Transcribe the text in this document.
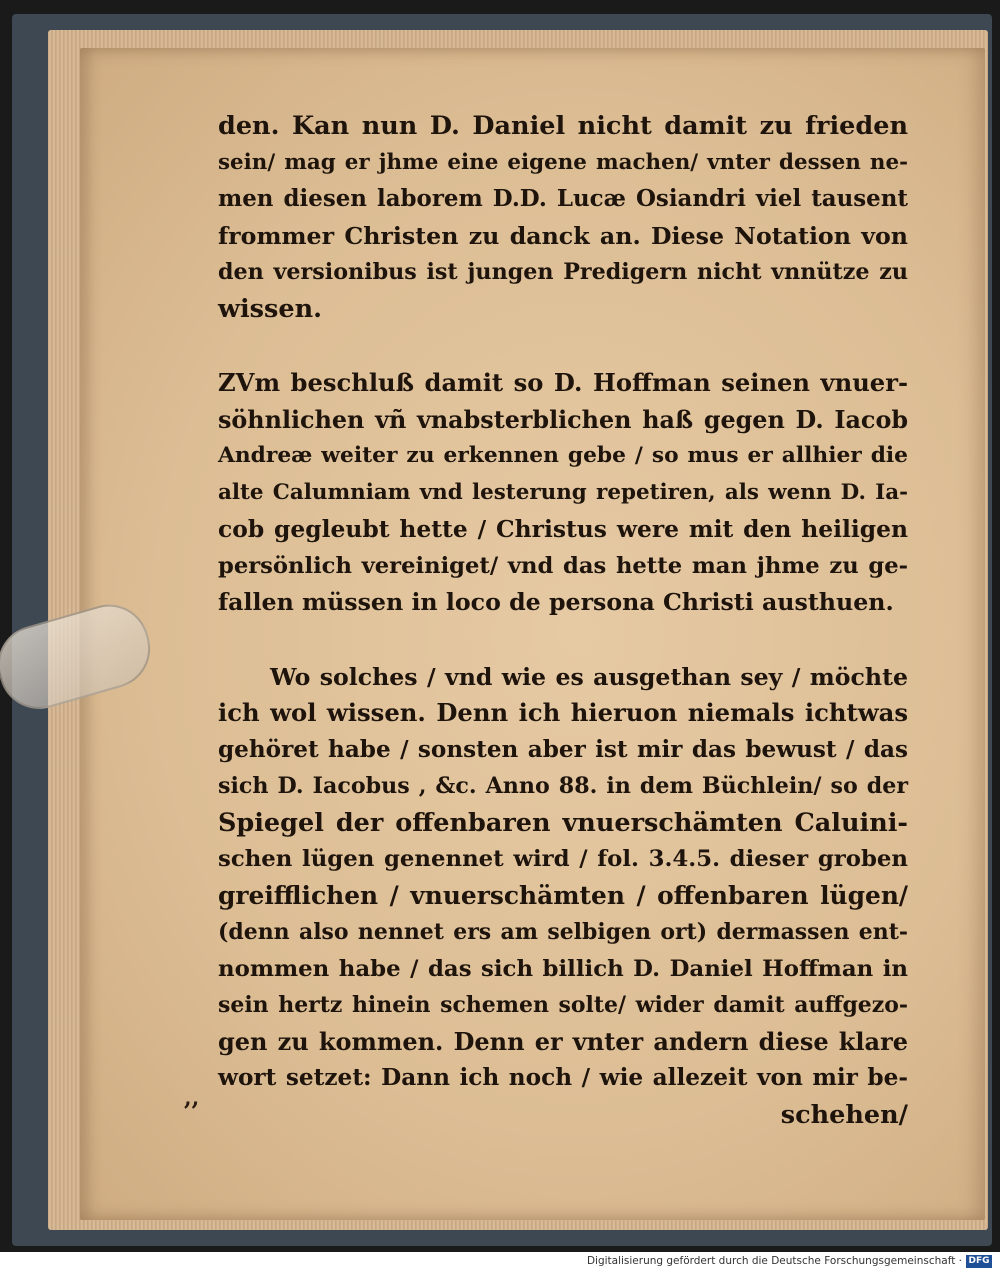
den. Kan nun D. Daniel nicht damit zu frieden
sein/ mag er jhme eine eigene machen/ vnter dessen ne-
men diesen laborem D.D. Lucæ Osiandri viel tausent
frommer Christen zu danck an. Diese Notation von
den versionibus ist jungen Predigern nicht vnnütze zu
wissen.
ZVm beschluß damit so D. Hoffman seinen vnuer-
söhnlichen vñ vnabsterblichen haß gegen D. Iacob
Andreæ weiter zu erkennen gebe / so mus er allhier die
alte Calumniam vnd lesterung repetiren, als wenn D. Ia-
cob gegleubt hette / Christus were mit den heiligen
persönlich vereiniget/ vnd das hette man jhme zu ge-
fallen müssen in loco de persona Christi austhuen.
Wo solches / vnd wie es ausgethan sey / möchte
ich wol wissen. Denn ich hieruon niemals ichtwas
gehöret habe / sonsten aber ist mir das bewust / das
sich D. Iacobus , &c. Anno 88. in dem Büchlein/ so der
Spiegel der offenbaren vnuerschämten Caluini-
schen lügen genennet wird / fol. 3.4.5. dieser groben
greifflichen / vnuerschämten / offenbaren lügen/
(denn also nennet ers am selbigen ort) dermassen ent-
nommen habe / das sich billich D. Daniel Hoffman in
sein hertz hinein schemen solte/ wider damit auffgezo-
gen zu kommen. Denn er vnter andern diese klare
wort setzet: Dann ich noch / wie allezeit von mir be-
schehen/
,,
Digitalisierung gefördert durch die Deutsche Forschungsgemeinschaft · DFG
